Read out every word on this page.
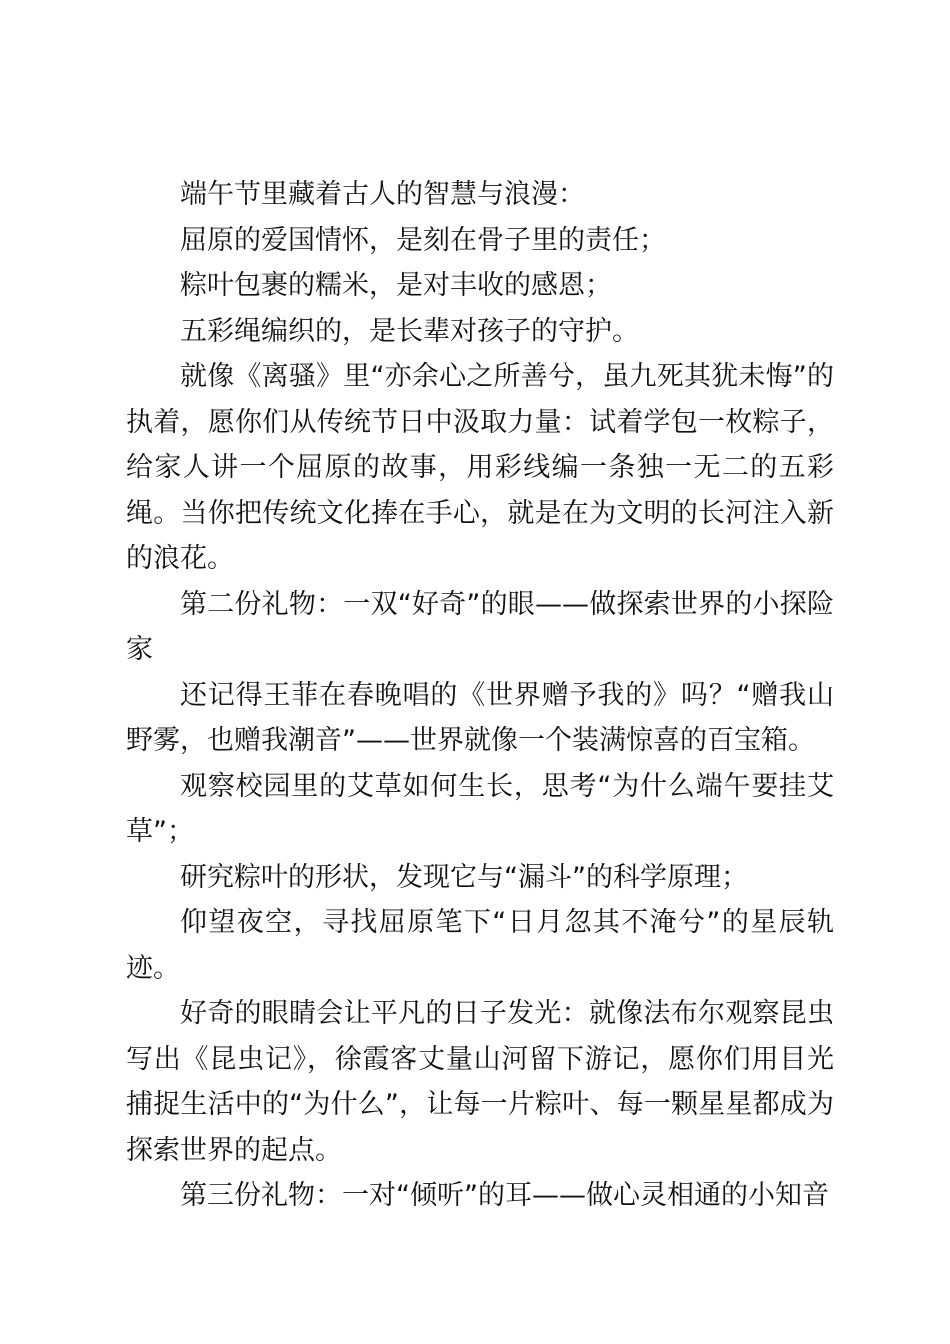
端午节里藏着古人的智慧与浪漫：

屈原的爱国情怀，是刻在骨子里的责任；

粽叶包裹的糯米，是对丰收的感恩；

五彩绳编织的，是长辈对孩子的守护。

就像《离骚》里“亦余心之所善兮，虽九死其犹未悔”的执着，愿你们从传统节日中汲取力量：试着学包一枚粽子，给家人讲一个屈原的故事，用彩线编一条独一无二的五彩绳。当你把传统文化捧在手心，就是在为文明的长河注入新的浪花。

第二份礼物：一双“好奇”的眼——做探索世界的小探险家

还记得王菲在春晚唱的《世界赠予我的》吗？“赠我山野雾，也赠我潮音”——世界就像一个装满惊喜的百宝箱。

观察校园里的艾草如何生长，思考“为什么端午要挂艾草”；

研究粽叶的形状，发现它与“漏斗”的科学原理；

仰望夜空，寻找屈原笔下“日月忽其不淹兮”的星辰轨迹。

好奇的眼睛会让平凡的日子发光：就像法布尔观察昆虫写出《昆虫记》，徐霞客丈量山河留下游记，愿你们用目光捕捉生活中的“为什么”，让每一片粽叶、每一颗星星都成为探索世界的起点。

第三份礼物：一对“倾听”的耳——做心灵相通的小知音
